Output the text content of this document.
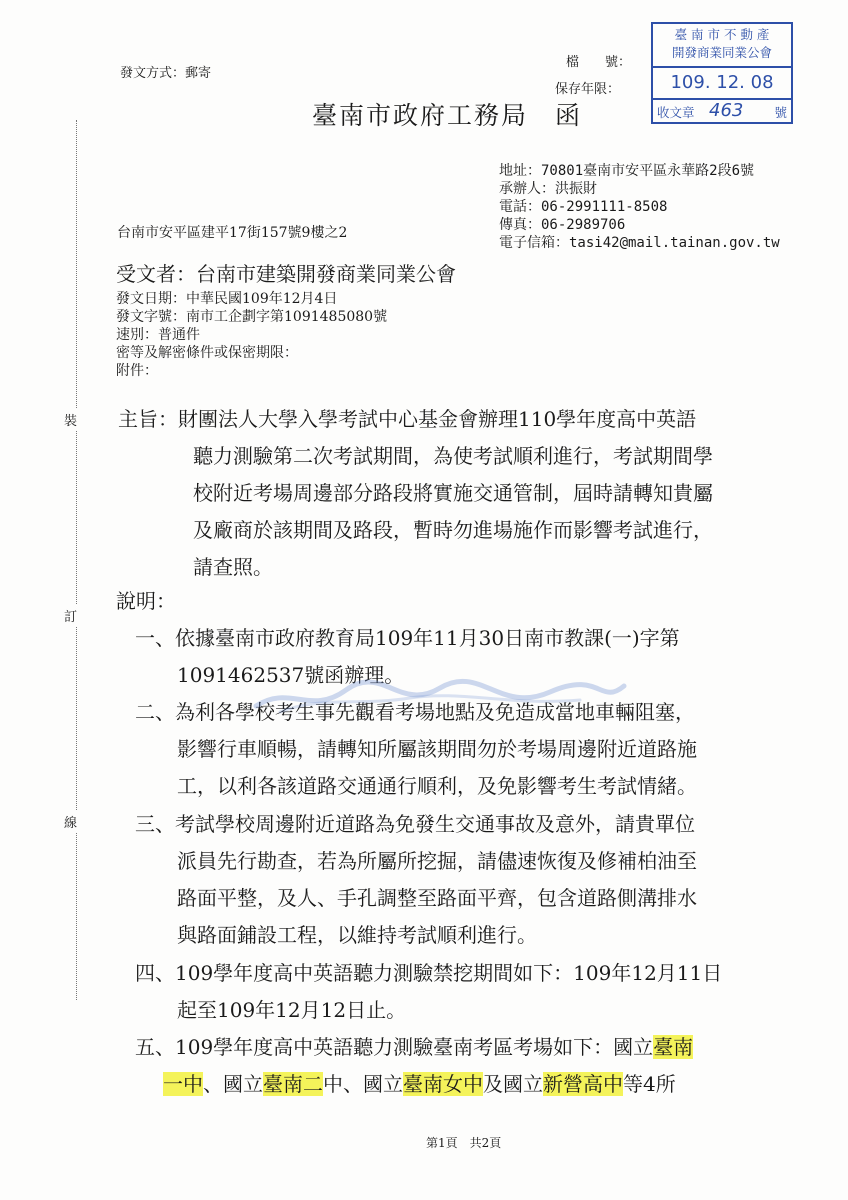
裝
訂
線
發文方式：郵寄
檔　　號：
保存年限：
臺 南 市 不 動 產
開發商業同業公會
109. 12. 08
收文章 463 號
臺南市政府工務局　函
地址：70801臺南市安平區永華路2段6號
承辦人：洪振財
電話：06-2991111-8508
傳真：06-2989706
電子信箱：tasi42@mail.tainan.gov.tw
台南市安平區建平17街157號9樓之2
受文者：台南市建築開發商業同業公會
發文日期：中華民國109年12月4日
發文字號：南市工企劃字第1091485080號
速別：普通件
密等及解密條件或保密期限：
附件：
主旨：財團法人大學入學考試中心基金會辦理110學年度高中英語
聽力測驗第二次考試期間，為使考試順利進行，考試期間學
校附近考場周邊部分路段將實施交通管制，屆時請轉知貴屬
及廠商於該期間及路段，暫時勿進場施作而影響考試進行，
請查照。
說明：
一、依據臺南市政府教育局109年11月30日南市教課(一)字第
1091462537號函辦理。
二、為利各學校考生事先觀看考場地點及免造成當地車輛阻塞，
影響行車順暢，請轉知所屬該期間勿於考場周邊附近道路施
工，以利各該道路交通通行順利，及免影響考生考試情緒。
三、考試學校周邊附近道路為免發生交通事故及意外，請貴單位
派員先行勘查，若為所屬所挖掘，請儘速恢復及修補柏油至
路面平整，及人、手孔調整至路面平齊，包含道路側溝排水
與路面鋪設工程，以維持考試順利進行。
四、109學年度高中英語聽力測驗禁挖期間如下：109年12月11日
起至109年12月12日止。
五、109學年度高中英語聽力測驗臺南考區考場如下：國立臺南
一中、國立臺南二中、國立臺南女中及國立新營高中等4所
第1頁　共2頁
